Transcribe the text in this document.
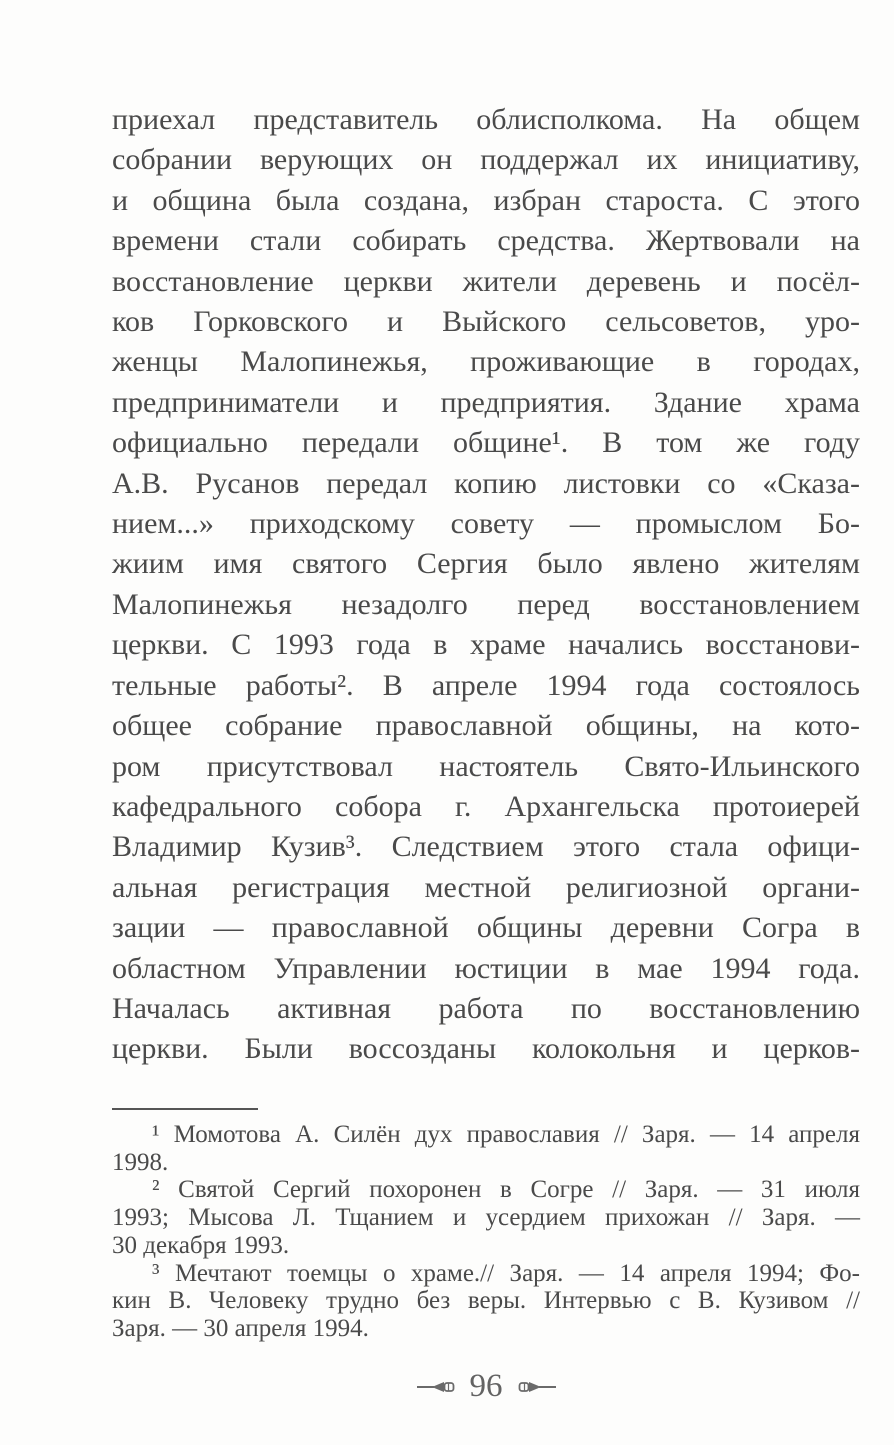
приехал представитель облисполкома. На общем
собрании верующих он поддержал их инициативу,
и община была создана, избран староста. С этого
времени стали собирать средства. Жертвовали на
восстановление церкви жители деревень и посёл-
ков Горковского и Выйского сельсоветов, уро-
женцы Малопинежья, проживающие в городах,
предприниматели и предприятия. Здание храма
официально передали общине¹. В том же году
А.В. Русанов передал копию листовки со «Сказа-
нием...» приходскому совету — промыслом Бо-
жиим имя святого Сергия было явлено жителям
Малопинежья незадолго перед восстановлением
церкви. С 1993 года в храме начались восстанови-
тельные работы². В апреле 1994 года состоялось
общее собрание православной общины, на кото-
ром присутствовал настоятель Свято-Ильинского
кафедрального собора г. Архангельска протоиерей
Владимир Кузив³. Следствием этого стала офици-
альная регистрация местной религиозной органи-
зации — православной общины деревни Согра в
областном Управлении юстиции в мае 1994 года.
Началась активная работа по восстановлению
церкви. Были воссозданы колокольня и церков-
¹ Момотова А. Силён дух православия // Заря. — 14 апреля
1998.
² Святой Сергий похоронен в Согре // Заря. — 31 июля
1993; Мысова Л. Тщанием и усердием прихожан // Заря. —
30 декабря 1993.
³ Мечтают тоемцы о храме.// Заря. — 14 апреля 1994; Фо-
кин В. Человеку трудно без веры. Интервью с В. Кузивом //
Заря. — 30 апреля 1994.
96
